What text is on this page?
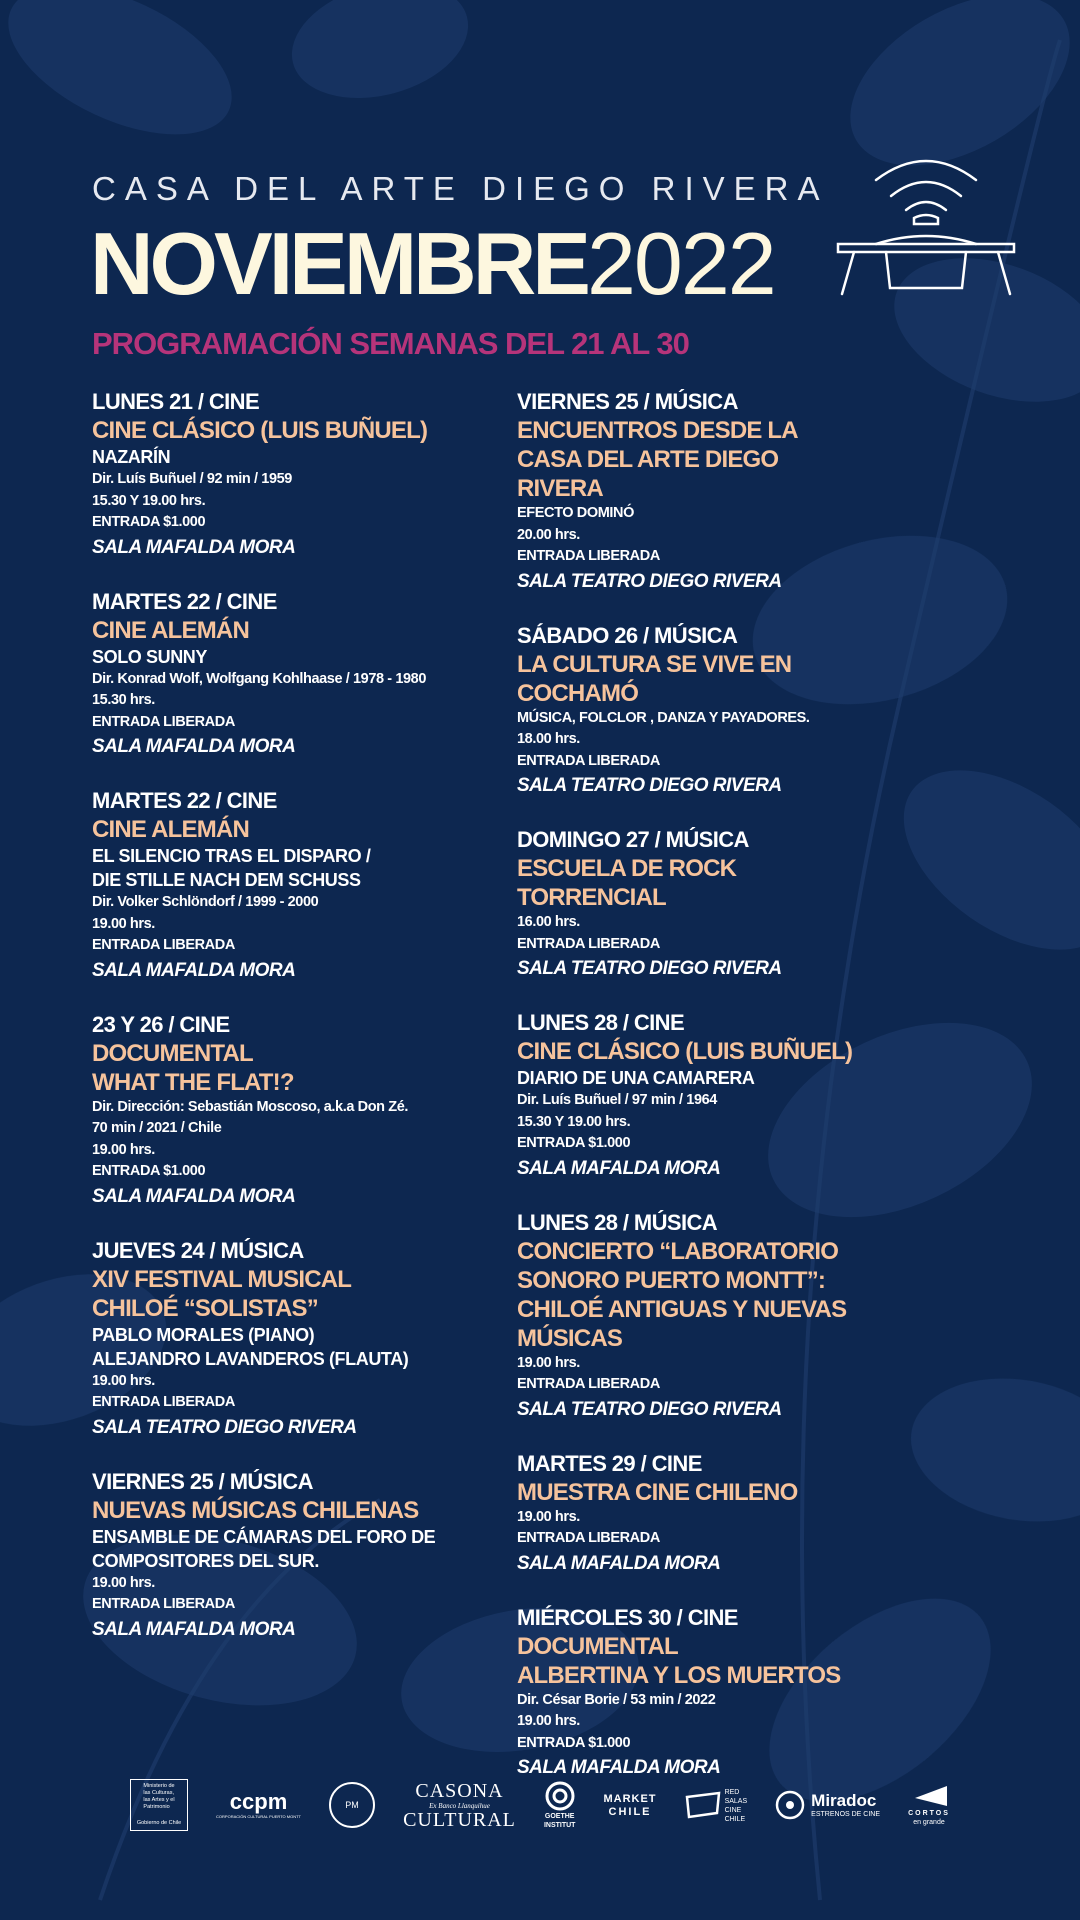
CASA DEL ARTE DIEGO RIVERA
NOVIEMBRE2022
PROGRAMACIÓN SEMANAS DEL 21 AL 30
LUNES 21 / CINE
CINE CLÁSICO (LUIS BUÑUEL)
NAZARÍN
Dir. Luís Buñuel / 92 min / 1959
15.30 Y 19.00 hrs.
ENTRADA $1.000
SALA MAFALDA MORA
MARTES 22 / CINE
CINE ALEMÁN
SOLO SUNNY
Dir. Konrad Wolf, Wolfgang Kohlhaase / 1978 - 1980
15.30 hrs.
ENTRADA LIBERADA
SALA MAFALDA MORA
MARTES 22 / CINE
CINE ALEMÁN
EL SILENCIO TRAS EL DISPARO /
DIE STILLE NACH DEM SCHUSS
Dir. Volker Schlöndorf / 1999 - 2000
19.00 hrs.
ENTRADA LIBERADA
SALA MAFALDA MORA
23 Y 26 / CINE
DOCUMENTAL
WHAT THE FLAT!?
Dir. Dirección: Sebastián Moscoso, a.k.a Don Zé.
70 min / 2021 / Chile
19.00 hrs.
ENTRADA $1.000
SALA MAFALDA MORA
JUEVES 24 / MÚSICA
XIV FESTIVAL MUSICAL
CHILOÉ “SOLISTAS”
PABLO MORALES (PIANO)
ALEJANDRO LAVANDEROS (FLAUTA)
19.00 hrs.
ENTRADA LIBERADA
SALA TEATRO DIEGO RIVERA
VIERNES 25 / MÚSICA
NUEVAS MÚSICAS CHILENAS
ENSAMBLE DE CÁMARAS DEL FORO DE
COMPOSITORES DEL SUR.
19.00 hrs.
ENTRADA LIBERADA
SALA MAFALDA MORA
VIERNES 25 / MÚSICA
ENCUENTROS DESDE LA
CASA DEL ARTE DIEGO
RIVERA
EFECTO DOMINÓ
20.00 hrs.
ENTRADA LIBERADA
SALA TEATRO DIEGO RIVERA
SÁBADO 26 / MÚSICA
LA CULTURA SE VIVE EN
COCHAMÓ
MÚSICA, FOLCLOR , DANZA Y PAYADORES.
18.00 hrs.
ENTRADA LIBERADA
SALA TEATRO DIEGO RIVERA
DOMINGO 27 / MÚSICA
ESCUELA DE ROCK
TORRENCIAL
16.00 hrs.
ENTRADA LIBERADA
SALA TEATRO DIEGO RIVERA
LUNES 28 / CINE
CINE CLÁSICO (LUIS BUÑUEL)
DIARIO DE UNA CAMARERA
Dir. Luís Buñuel / 97 min / 1964
15.30 Y 19.00 hrs.
ENTRADA $1.000
SALA MAFALDA MORA
LUNES 28 / MÚSICA
CONCIERTO “LABORATORIO
SONORO PUERTO MONTT”:
CHILOÉ ANTIGUAS Y NUEVAS
MÚSICAS
19.00 hrs.
ENTRADA LIBERADA
SALA TEATRO DIEGO RIVERA
MARTES 29 / CINE
MUESTRA CINE CHILENO
19.00 hrs.
ENTRADA LIBERADA
SALA MAFALDA MORA
MIÉRCOLES 30 / CINE
DOCUMENTAL
ALBERTINA Y LOS MUERTOS
Dir. César Borie / 53 min / 2022
19.00 hrs.
ENTRADA $1.000
SALA MAFALDA MORA
Ministerio de
las Culturas,
las Artes y el
Patrimonio
Gobierno de Chile
ccpm
CORPORACIÓN CULTURAL PUERTO MONTT
PM
CASONA
Ex Banco Llanquihue
CULTURAL	GOETHE
INSTITUT
MARKET
CHILE
RED
SALAS
CINE
CHILE
Miradoc
ESTRENOS DE CINE	CORTOS
en grande
